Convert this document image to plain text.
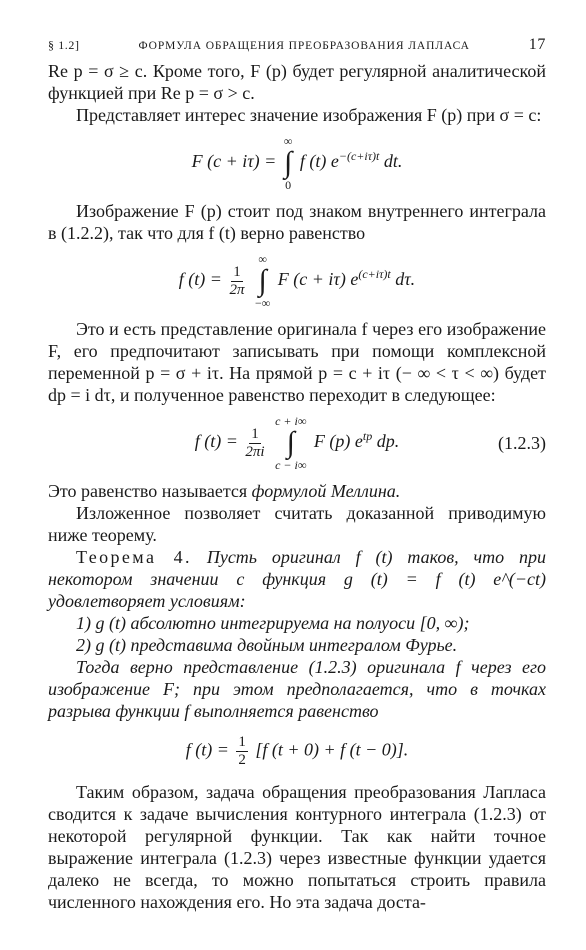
§ 1.2]	ФОРМУЛА ОБРАЩЕНИЯ ПРЕОБРАЗОВАНИЯ ЛАПЛАСА	17

Re p = σ ≥ c. Кроме того, F (p) будет регулярной аналитической функцией при Re p = σ > c.

Представляет интерес значение изображения F (p) при σ = c:

F (c + iτ) =
∞
∫
0
f (t) $e^{-(c+i\tau)t}$ dt.

Изображение F (p) стоит под знаком внутреннего интеграла в (1.2.2), так что для f (t) верно равенство

f $(t) = \frac{1}{2\pi}$

∞
∫
−∞
F (c + iτ) $e^{(c+i\tau)t}$ dτ.

Это и есть представление оригинала f через его изображение F, его предпочитают записывать при помощи комплексной переменной p = σ + iτ. На прямой p = c + iτ (− ∞ < τ < ∞) будет dp = i dτ, и полученное равенство переходит в следующее:

f $(t) = \frac{1}{2\pi i}$

c + i∞
∫
c − i∞
F (p) $e^{tp}$ dp.	(1.2.3)

Это равенство называется формулой Меллина.

Изложенное позволяет считать доказанной приводимую ниже теорему.

Теорема 4. Пусть оригинал f (t) таков, что при некотором значении c функция g (t) = f (t) e^(−ct) удовлетворяет условиям:

1) g (t) абсолютно интегрируема на полуоси [0, ∞);

2) g (t) представима двойным интегралом Фурье.

Тогда верно представление (1.2.3) оригинала f через его изображение F; при этом предполагается, что в точках разрыва функции f выполняется равенство

f $(t) = \frac{1}{2} [f$ (t + 0) + f (t − 0)].

Таким образом, задача обращения преобразования Лапласа сводится к задаче вычисления контурного интеграла (1.2.3) от некоторой регулярной функции. Так как найти точное выражение интеграла (1.2.3) через известные функции удается далеко не всегда, то можно попытаться строить правила численного нахождения его. Но эта задача доста-
